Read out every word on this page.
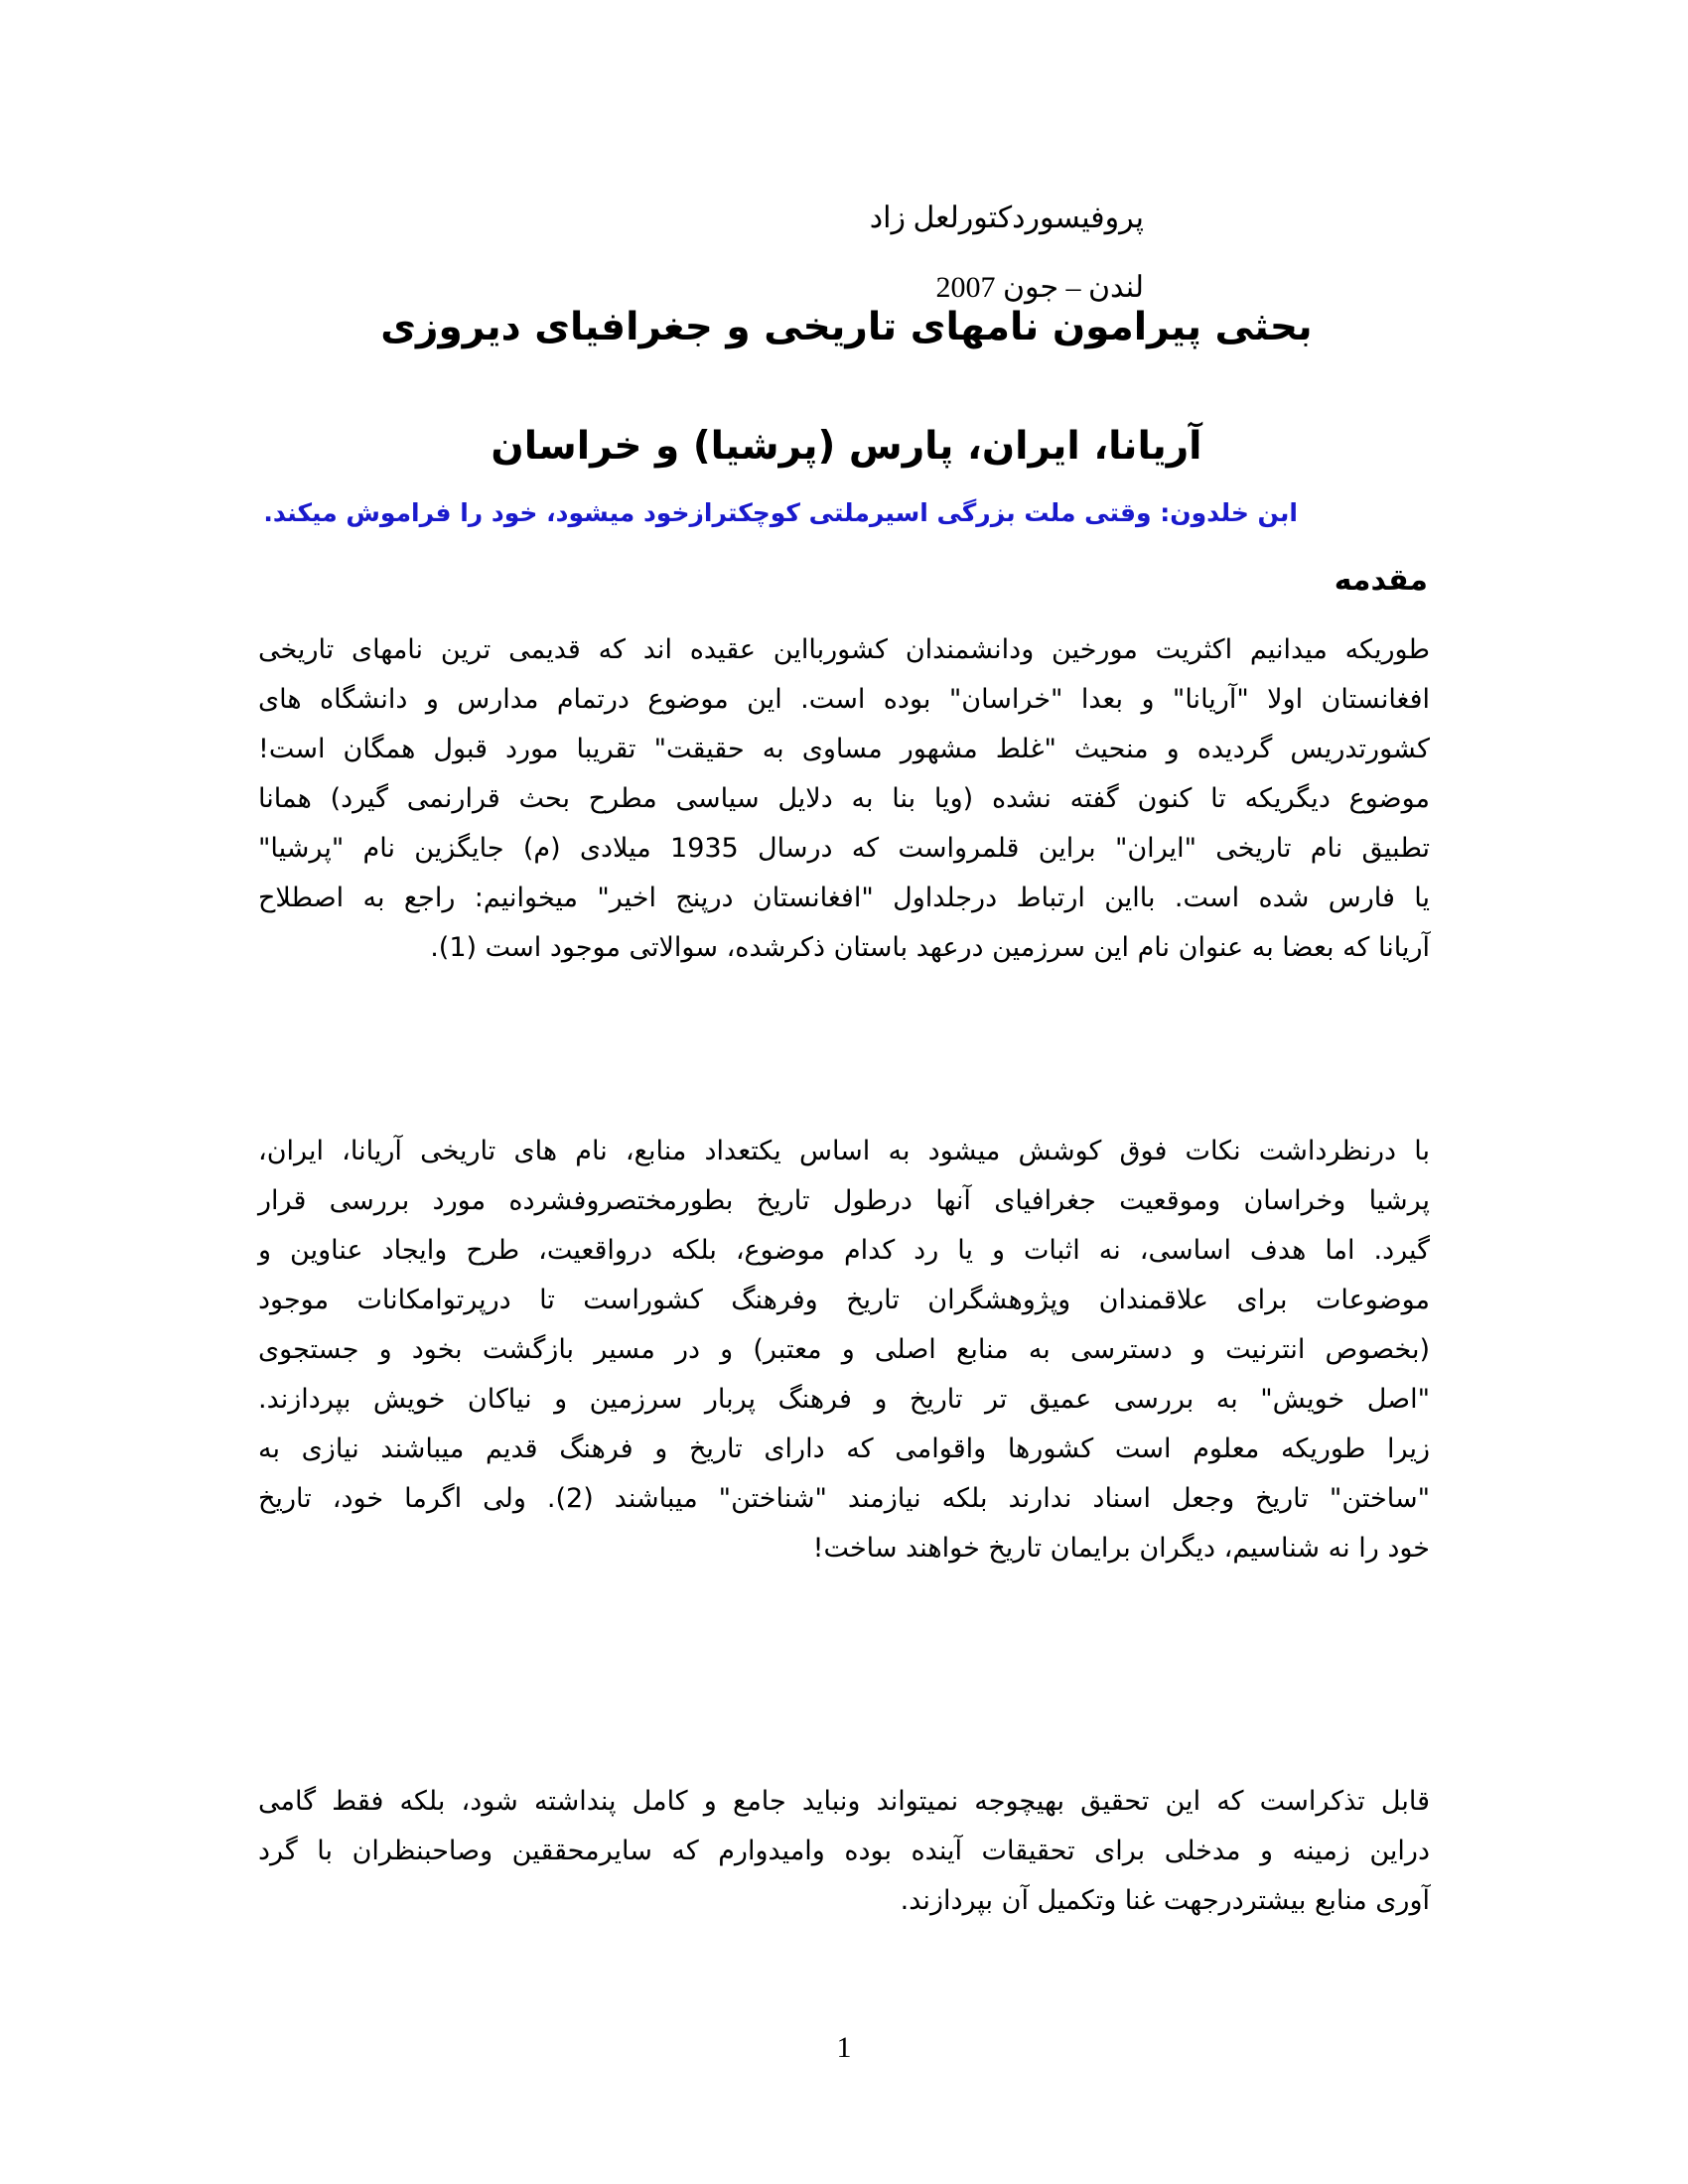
پروفیسوردکتورلعل زاد
لندن – جون 2007
بحثی پیرامون نامهای تاریخی و جغرافیای دیروزی
آریانا، ایران، پارس (پرشیا) و خراسان
ابن خلدون: وقتی ملت بزرگی اسیرملتی کوچکترازخود میشود، خود را فراموش میکند.
مقدمه
طوریکه میدانیم اکثریت مورخین ودانشمندان کشوربااین عقیده اند که قدیمی ترین نامهای تاریخی
افغانستان اولا "آریانا" و بعدا "خراسان" بوده است. این موضوع درتمام مدارس و دانشگاه های
کشورتدریس گردیده و منحیث "غلط مشهور مساوی به حقیقت" تقریبا مورد قبول همگان است!
موضوع دیگریکه تا کنون گفته نشده (ویا بنا به دلایل سیاسی مطرح بحث قرارنمی گیرد) همانا
تطبیق نام تاریخی "ایران" براین قلمرواست که درسال 1935 میلادی (م) جایگزین نام "پرشیا"
یا فارس شده است. بااین ارتباط درجلداول "افغانستان درپنج اخیر" میخوانیم: راجع به اصطلاح
آریانا که بعضا به عنوان نام این سرزمین درعهد باستان ذکرشده، سوالاتی موجود است (1).
با درنظرداشت نکات فوق کوشش میشود به اساس یکتعداد منابع، نام های تاریخی آریانا، ایران،
پرشیا وخراسان وموقعیت جغرافیای آنها درطول تاریخ بطورمختصروفشرده مورد بررسی قرار
گیرد. اما هدف اساسی، نه اثبات و یا رد کدام موضوع، بلکه درواقعیت، طرح وایجاد عناوین و
موضوعات برای علاقمندان وپژوهشگران تاریخ وفرهنگ کشوراست تا درپرتوامکانات موجود
(بخصوص انترنیت و دسترسی به منابع اصلی و معتبر) و در مسیر بازگشت بخود و جستجوی
"اصل خویش" به بررسی عمیق تر تاریخ و فرهنگ پربار سرزمین و نیاکان خویش بپردازند.
زیرا طوریکه معلوم است کشورها واقوامی که دارای تاریخ و فرهنگ قدیم میباشند نیازی به
"ساختن" تاریخ وجعل اسناد ندارند بلکه نیازمند "شناختن" میباشند (2). ولی اگرما خود، تاریخ
خود را نه شناسیم، دیگران برایمان تاریخ خواهند ساخت!
قابل تذکراست که این تحقیق بهیچوجه نمیتواند ونباید جامع و کامل پنداشته شود، بلکه فقط گامی
دراین زمینه و مدخلی برای تحقیقات آینده بوده وامیدوارم که سایرمحققین وصاحبنظران با گرد
آوری منابع بیشتردرجهت غنا وتکمیل آن بپردازند.
1
